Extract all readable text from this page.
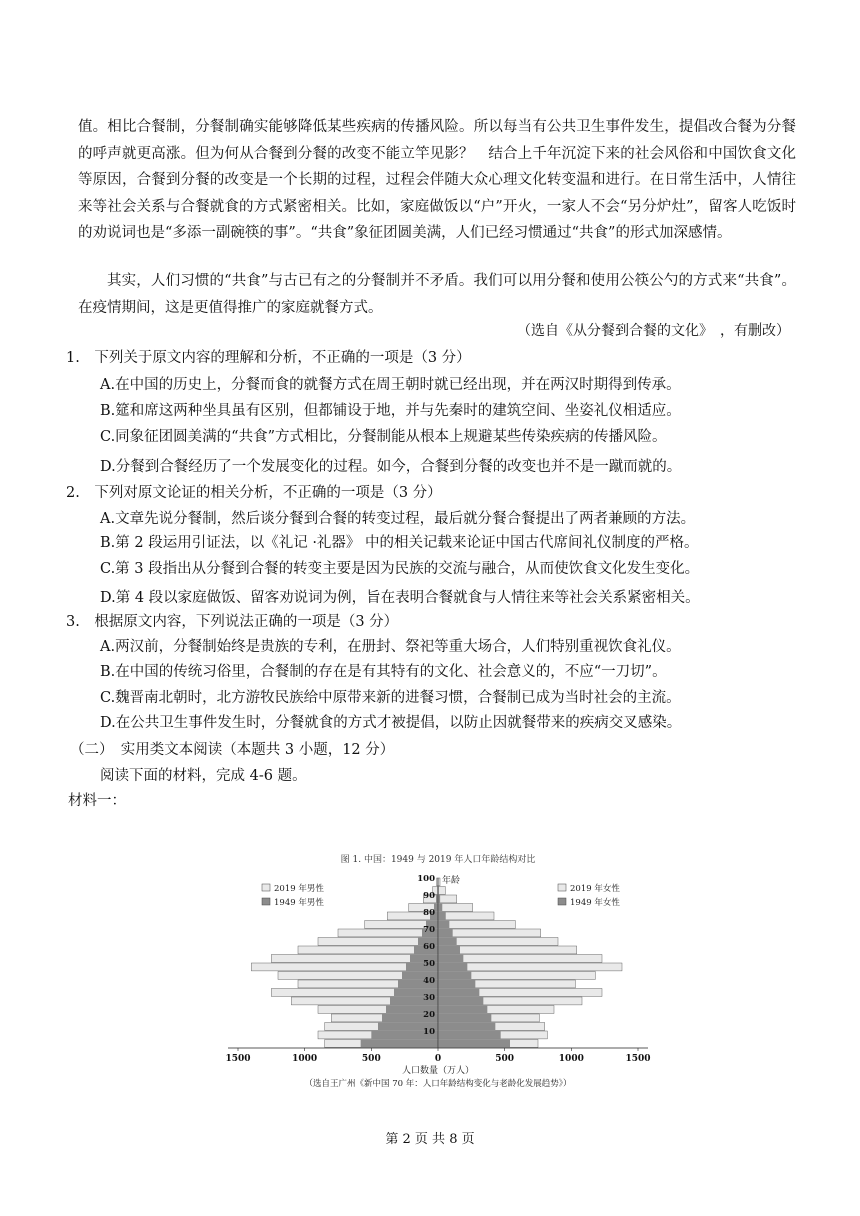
值。相比合餐制，分餐制确实能够降低某些疾病的传播风险。所以每当有公共卫生事件发生，提倡改合餐为分餐的呼声就更高涨。但为何从合餐到分餐的改变不能立竿见影？　结合上千年沉淀下来的社会风俗和中国饮食文化等原因，合餐到分餐的改变是一个长期的过程，过程会伴随大众心理文化转变温和进行。在日常生活中，人情往来等社会关系与合餐就食的方式紧密相关。比如，家庭做饭以“户”开火，一家人不会“另分炉灶”，留客人吃饭时的劝说词也是“多添一副碗筷的事”。“共食”象征团圆美满，人们已经习惯通过“共食”的形式加深感情。

其实，人们习惯的“共食”与古已有之的分餐制并不矛盾。我们可以用分餐和使用公筷公勺的方式来“共食”。在疫情期间，这是更值得推广的家庭就餐方式。

（选自《从分餐到合餐的文化》　，有删改）
1.　下列关于原文内容的理解和分析，不正确的一项是（3 分）
A.在中国的历史上，分餐而食的就餐方式在周王朝时就已经出现，并在两汉时期得到传承。
B.筵和席这两种坐具虽有区别，但都铺设于地，并与先秦时的建筑空间、坐姿礼仪相适应。
C.同象征团圆美满的“共食”方式相比，分餐制能从根本上规避某些传染疾病的传播风险。
D.分餐到合餐经历了一个发展变化的过程。如今，合餐到分餐的改变也并不是一蹴而就的。
2.　下列对原文论证的相关分析，不正确的一项是（3 分）
A.文章先说分餐制，然后谈分餐到合餐的转变过程，最后就分餐合餐提出了两者兼顾的方法。
B.第 2 段运用引证法，以《礼记 ·礼器》 中的相关记载来论证中国古代席间礼仪制度的严格。
C.第 3 段指出从分餐到合餐的转变主要是因为民族的交流与融合，从而使饮食文化发生变化。
D.第 4 段以家庭做饭、留客劝说词为例，旨在表明合餐就食与人情往来等社会关系紧密相关。
3.　根据原文内容，下列说法正确的一项是（3 分）
A.两汉前，分餐制始终是贵族的专利，在册封、祭祀等重大场合，人们特别重视饮食礼仪。
B.在中国的传统习俗里，合餐制的存在是有其特有的文化、社会意义的，不应“一刀切”。
C.魏晋南北朝时，北方游牧民族给中原带来新的进餐习惯，合餐制已成为当时社会的主流。
D.在公共卫生事件发生时，分餐就食的方式才被提倡，以防止因就餐带来的疾病交叉感染。
（二）　实用类文本阅读（本题共 3 小题，12 分）
阅读下面的材料，完成 4-6 题。
材料一：
图 1. 中国：1949 与 2019 年人口年龄结构对比
1500	1000	500	0	500	1000	1500
10
20
30
40
50
60
70
80
90
100
2019 年男性
1949 年男性
2019 年女性
1949 年女性
年龄
人口数量（万人）
（选自王广州《新中国 70 年：人口年龄结构变化与老龄化发展趋势》）
第 2 页 共 8 页
